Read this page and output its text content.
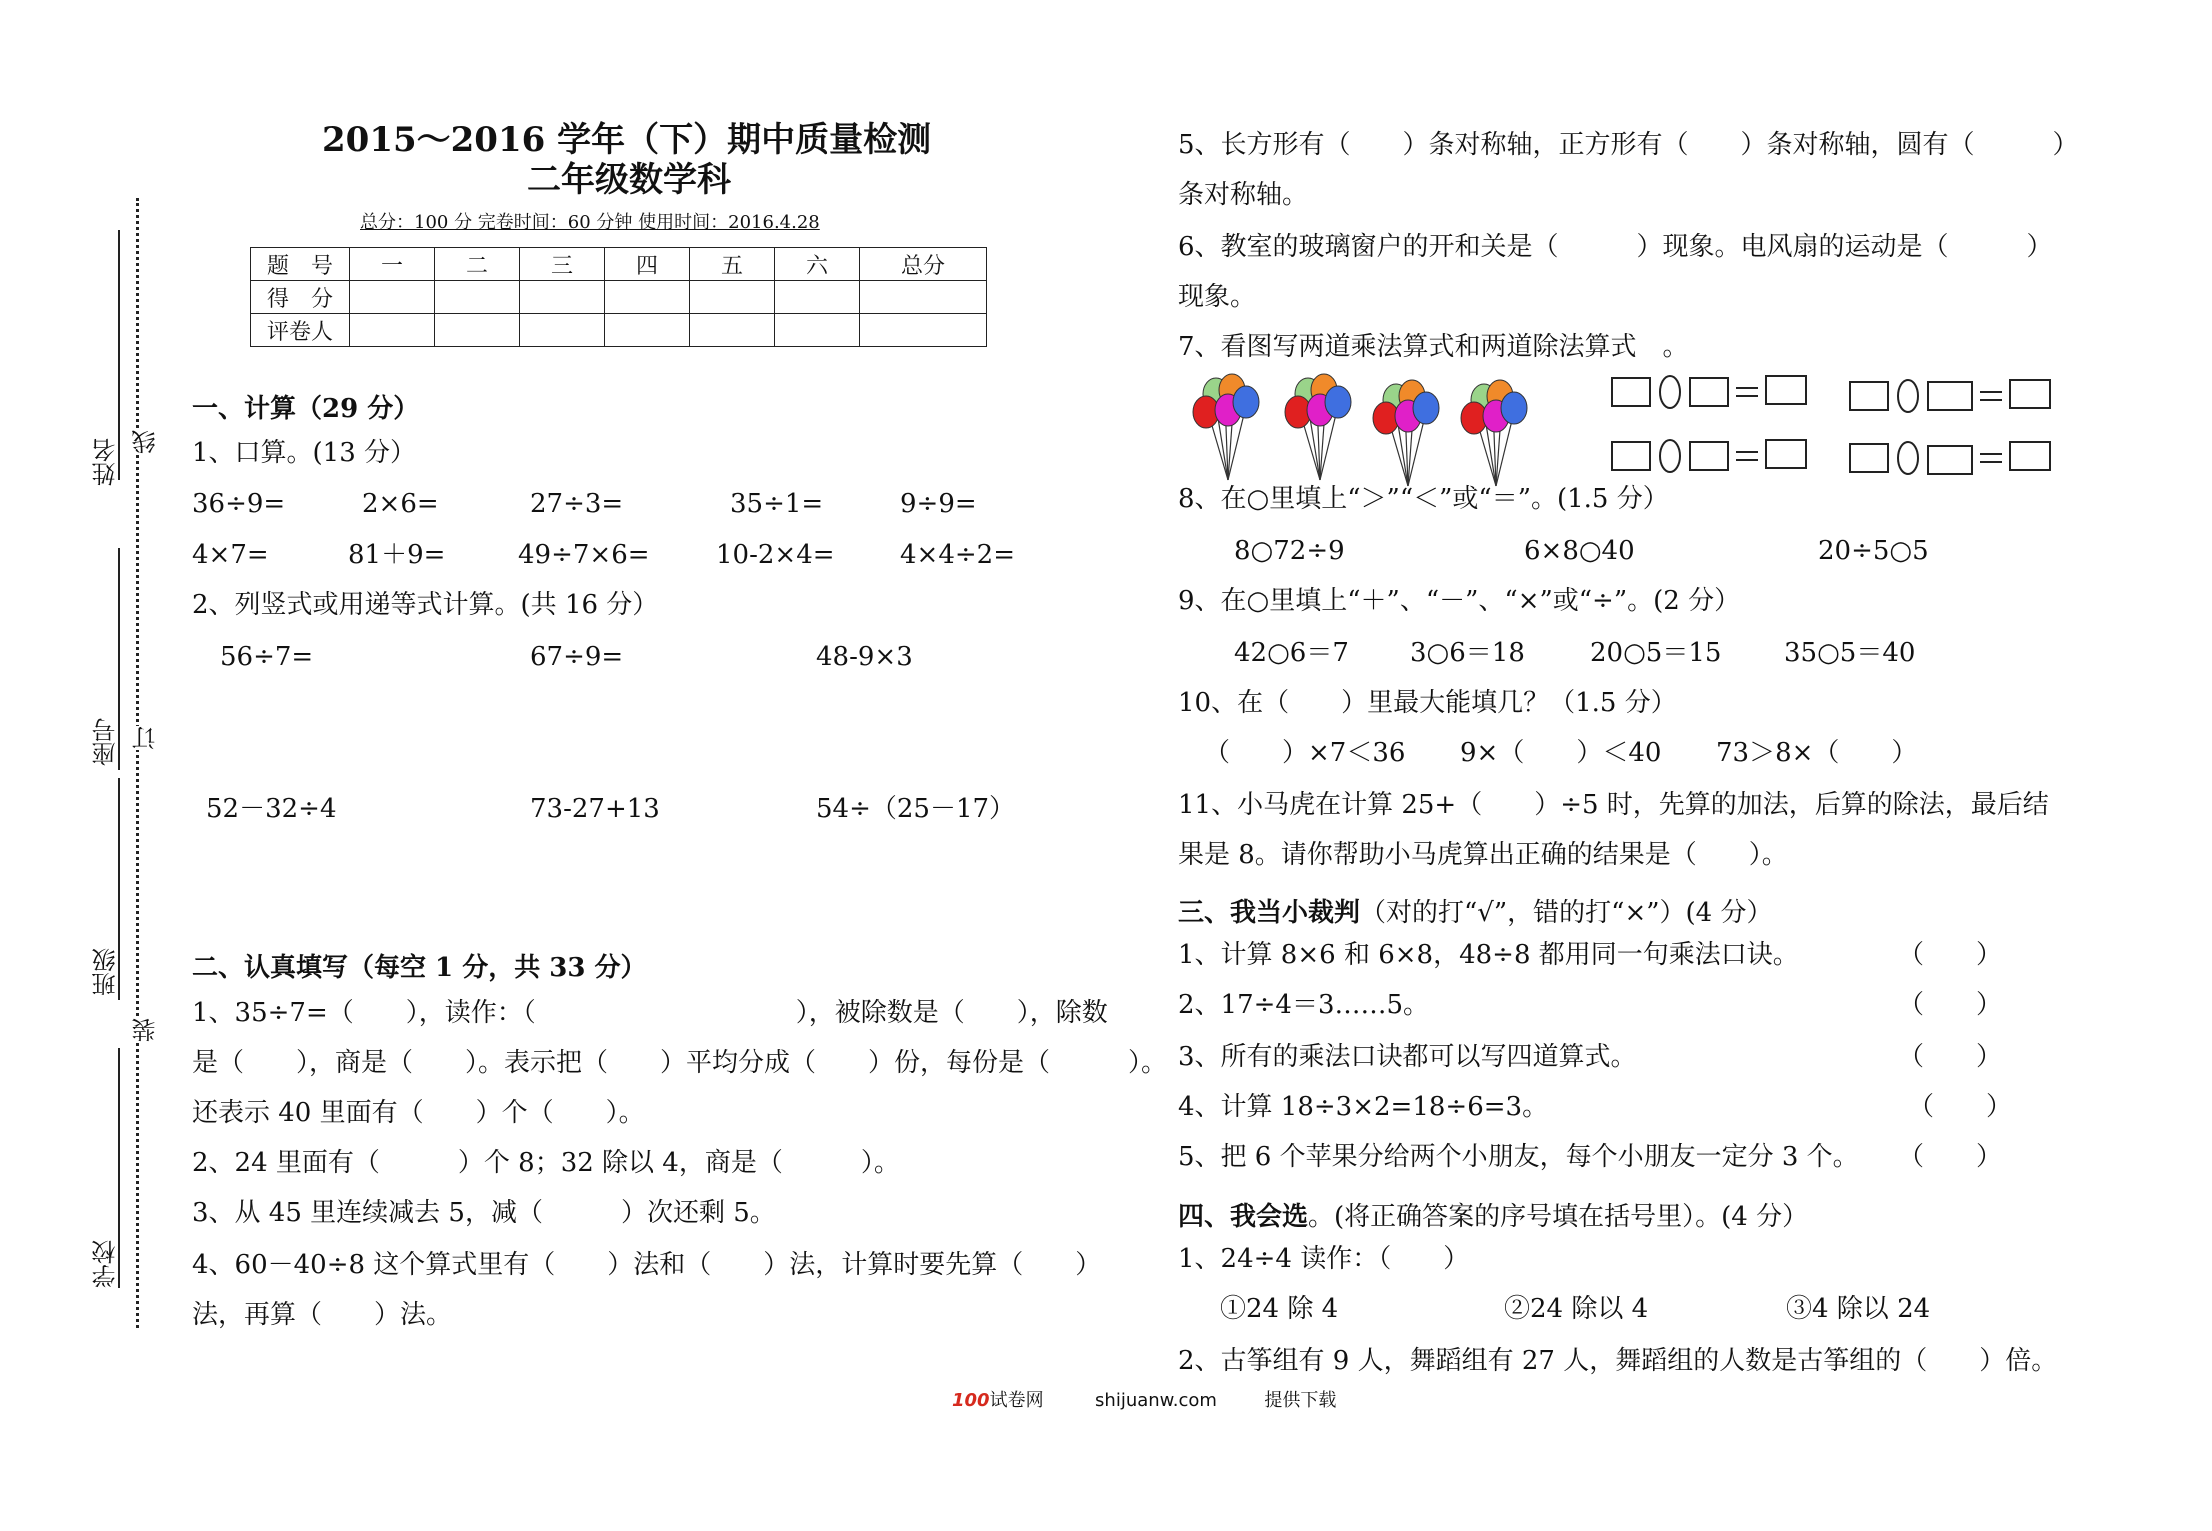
2015～2016 学年（下）期中质量检测
二年级数学科
总分：100 分 完卷时间：60 分钟 使用时间：2016.4.28
题　号	一	二	三	四	五	六	总分
得　分							
评卷人							
姓名
座号
班级
学校
线
订
装
一、计算（29 分）
1、口算。(13 分）
36÷9=	2×6=	27÷3=	35÷1=	9÷9=
4×7=	81＋9=	49÷7×6=	10-2×4=	4×4÷2=
2、列竖式或用递等式计算。(共 16 分）
56÷7=	67÷9=	48-9×3
52－32÷4	73-27+13	54÷（25－17）
二、认真填写（每空 1 分，共 33 分）
1、35÷7=（　　），读作：（　　　　　　　　　　），被除数是（　　），除数
是（　　），商是（　　）。表示把（　　）平均分成（　　）份，每份是（　　　）。
还表示 40 里面有（　　）个（　　）。
2、24 里面有（　　　）个 8；32 除以 4，商是（　　　）。
3、从 45 里连续减去 5，减（　　　）次还剩 5。
4、60－40÷8 这个算式里有（　　）法和（　　）法，计算时要先算（　　）
法，再算（　　）法。
5、长方形有（　　）条对称轴，正方形有（　　）条对称轴，圆有（　　　）
条对称轴。
6、教室的玻璃窗户的开和关是（　　　）现象。电风扇的运动是（　　　）
现象。
7、看图写两道乘法算式和两道除法算式　。
8、在○里填上“＞”“＜”或“＝”。(1.5 分）
8○72÷9	6×8○40	20÷5○5
9、在○里填上“＋”、“－”、“×”或“÷”。(2 分）
42○6＝7 3○6＝18	20○5＝15 35○5＝40
10、在（　　）里最大能填几？（1.5 分）
（　　）×7＜36 9×（　　）＜40 73＞8×（　　）
11、小马虎在计算 25+（　　）÷5 时，先算的加法，后算的除法，最后结
果是 8。请你帮助小马虎算出正确的结果是（　　）。
三、我当小裁判（对的打“√”，错的打“×”）(4 分）
1、计算 8×6 和 6×8，48÷8 都用同一句乘法口诀。	（　　）
2、17÷4＝3……5。	（　　）
3、所有的乘法口诀都可以写四道算式。	（　　）
4、计算 18÷3×2=18÷6=3。	（　　）
5、把 6 个苹果分给两个小朋友，每个小朋友一定分 3 个。 （　　）
四、我会选。(将正确答案的序号填在括号里）。(4 分）
1、24÷4 读作：（　　）
①24 除 4	②24 除以 4	③4 除以 24
2、古筝组有 9 人，舞蹈组有 27 人，舞蹈组的人数是古筝组的（　　）倍。
100试卷网	shijuanw.com	提供下载
